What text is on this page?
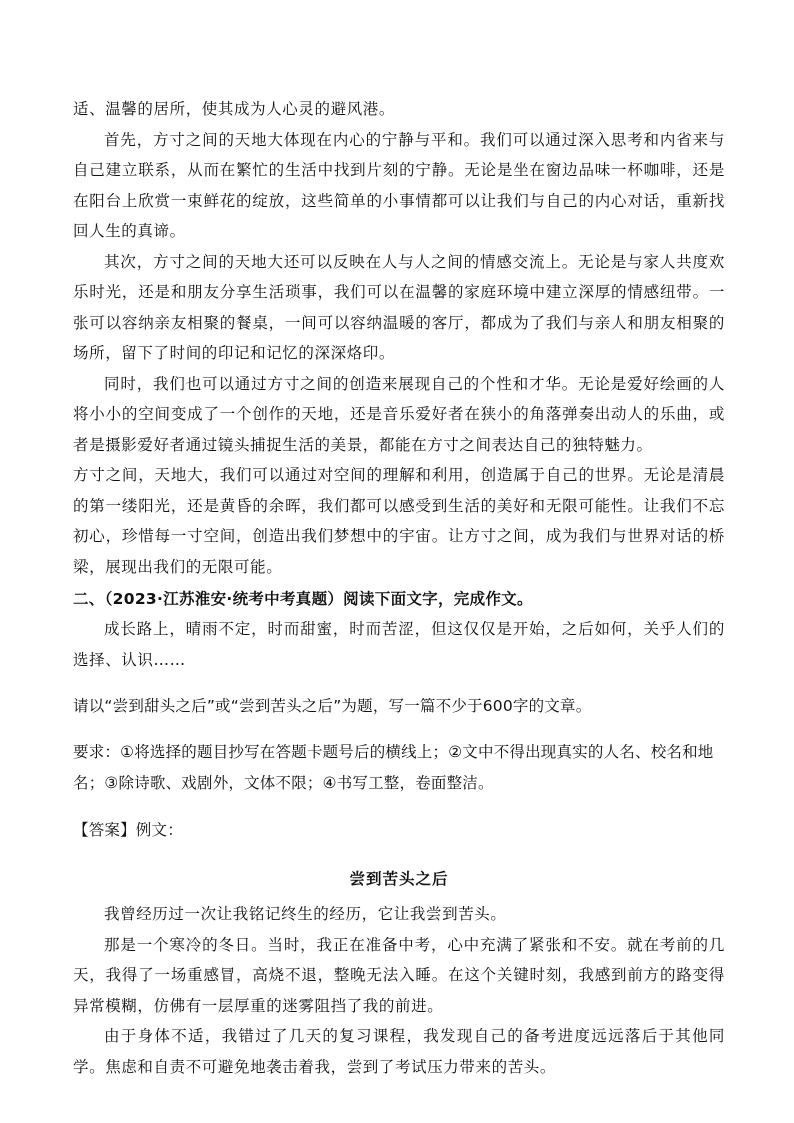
适、温馨的居所，使其成为人心灵的避风港。

首先，方寸之间的天地大体现在内心的宁静与平和。我们可以通过深入思考和内省来与自己建立联系，从而在繁忙的生活中找到片刻的宁静。无论是坐在窗边品味一杯咖啡，还是在阳台上欣赏一束鲜花的绽放，这些简单的小事情都可以让我们与自己的内心对话，重新找回人生的真谛。

其次，方寸之间的天地大还可以反映在人与人之间的情感交流上。无论是与家人共度欢乐时光，还是和朋友分享生活琐事，我们可以在温馨的家庭环境中建立深厚的情感纽带。一张可以容纳亲友相聚的餐桌，一间可以容纳温暖的客厅，都成为了我们与亲人和朋友相聚的场所，留下了时间的印记和记忆的深深烙印。

同时，我们也可以通过方寸之间的创造来展现自己的个性和才华。无论是爱好绘画的人将小小的空间变成了一个创作的天地，还是音乐爱好者在狭小的角落弹奏出动人的乐曲，或者是摄影爱好者通过镜头捕捉生活的美景，都能在方寸之间表达自己的独特魅力。

方寸之间，天地大，我们可以通过对空间的理解和利用，创造属于自己的世界。无论是清晨的第一缕阳光，还是黄昏的余晖，我们都可以感受到生活的美好和无限可能性。让我们不忘初心，珍惜每一寸空间，创造出我们梦想中的宇宙。让方寸之间，成为我们与世界对话的桥梁，展现出我们的无限可能。

二、（2023·江苏淮安·统考中考真题）阅读下面文字，完成作文。

成长路上，晴雨不定，时而甜蜜，时而苦涩，但这仅仅是开始，之后如何，关乎人们的选择、认识……

请以“尝到甜头之后”或“尝到苦头之后”为题，写一篇不少于600字的文章。

要求：①将选择的题目抄写在答题卡题号后的横线上；②文中不得出现真实的人名、校名和地名；③除诗歌、戏剧外，文体不限；④书写工整，卷面整洁。

【答案】例文：

尝到苦头之后

我曾经历过一次让我铭记终生的经历，它让我尝到苦头。

那是一个寒冷的冬日。当时，我正在准备中考，心中充满了紧张和不安。就在考前的几天，我得了一场重感冒，高烧不退，整晚无法入睡。在这个关键时刻，我感到前方的路变得异常模糊，仿佛有一层厚重的迷雾阻挡了我的前进。

由于身体不适，我错过了几天的复习课程，我发现自己的备考进度远远落后于其他同学。焦虑和自责不可避免地袭击着我，尝到了考试压力带来的苦头。
